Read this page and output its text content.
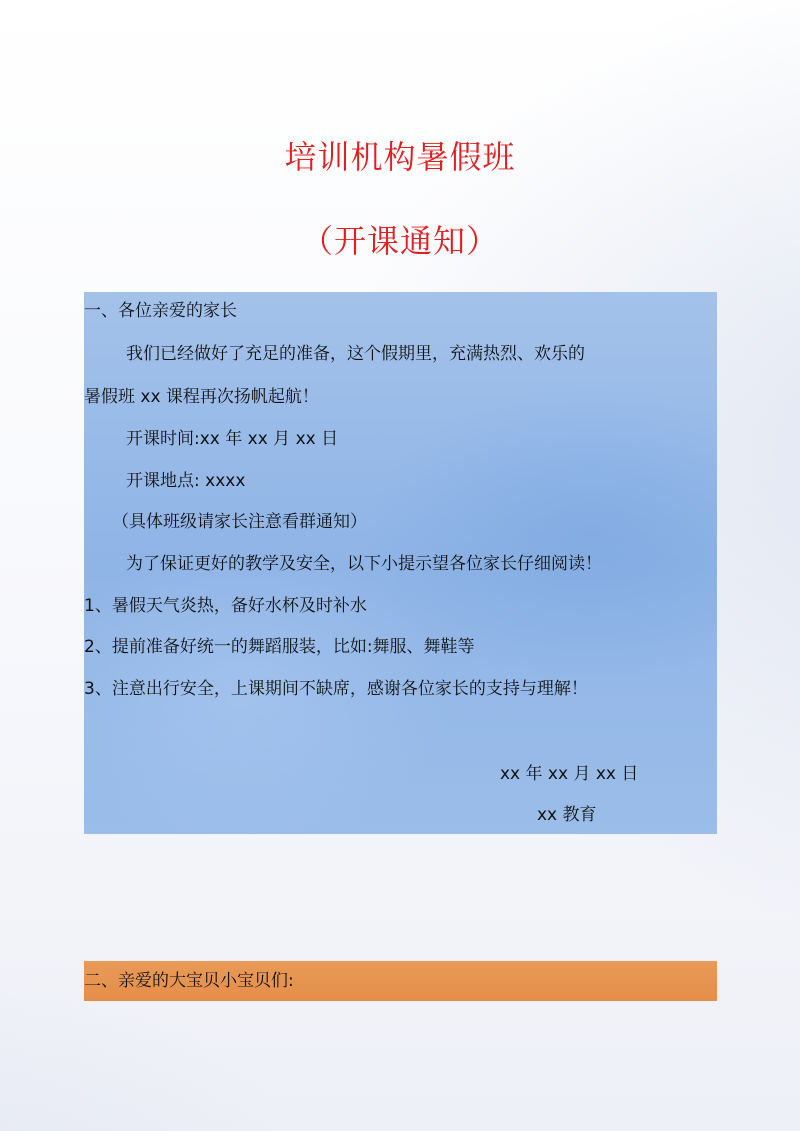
培训机构暑假班
（开课通知）

一、各位亲爱的家长

我们已经做好了充足的准备，这个假期里，充满热烈、欢乐的

暑假班 xx 课程再次扬帆起航！

开课时间:xx 年 xx 月 xx 日

开课地点: xxxx

（具体班级请家长注意看群通知）

为了保证更好的教学及安全，以下小提示望各位家长仔细阅读！

1、暑假天气炎热，备好水杯及时补水

2、提前准备好统一的舞蹈服装，比如:舞服、舞鞋等

3、注意出行安全，上课期间不缺席，感谢各位家长的支持与理解！

xx 年 xx 月 xx 日

xx 教育

二、亲爱的大宝贝小宝贝们:
